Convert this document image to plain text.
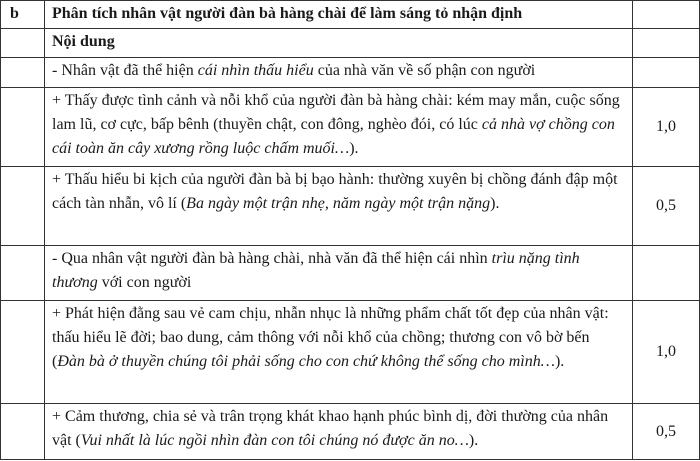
b	Phân tích nhân vật người đàn bà hàng chài để làm sáng tỏ nhận định	
	Nội dung	
	- Nhân vật đã thể hiện cái nhìn thấu hiểu của nhà văn về số phận con người	
	+ Thấy được tình cảnh và nỗi khổ của người đàn bà hàng chài: kém may mắn, cuộc sống lam lũ, cơ cực, bấp bênh (thuyền chật, con đông, nghèo đói, có lúc cả nhà vợ chồng con cái toàn ăn cây xương rồng luộc chấm muối…).	1,0
	+ Thấu hiểu bi kịch của người đàn bà bị bạo hành: thường xuyên bị chồng đánh đập một cách tàn nhẫn, vô lí (Ba ngày một trận nhẹ, năm ngày một trận nặng).	0,5
	- Qua nhân vật người đàn bà hàng chài, nhà văn đã thể hiện cái nhìn trìu nặng tình thương với con người	
	+ Phát hiện đằng sau vẻ cam chịu, nhẫn nhục là những phẩm chất tốt đẹp của nhân vật: thấu hiểu lẽ đời; bao dung, cảm thông với nỗi khổ của chồng; thương con vô bờ bến (Đàn bà ở thuyền chúng tôi phải sống cho con chứ không thể sống cho mình…).	1,0
	+ Cảm thương, chia sẻ và trân trọng khát khao hạnh phúc bình dị, đời thường của nhân vật (Vui nhất là lúc ngồi nhìn đàn con tôi chúng nó được ăn no…).	0,5
